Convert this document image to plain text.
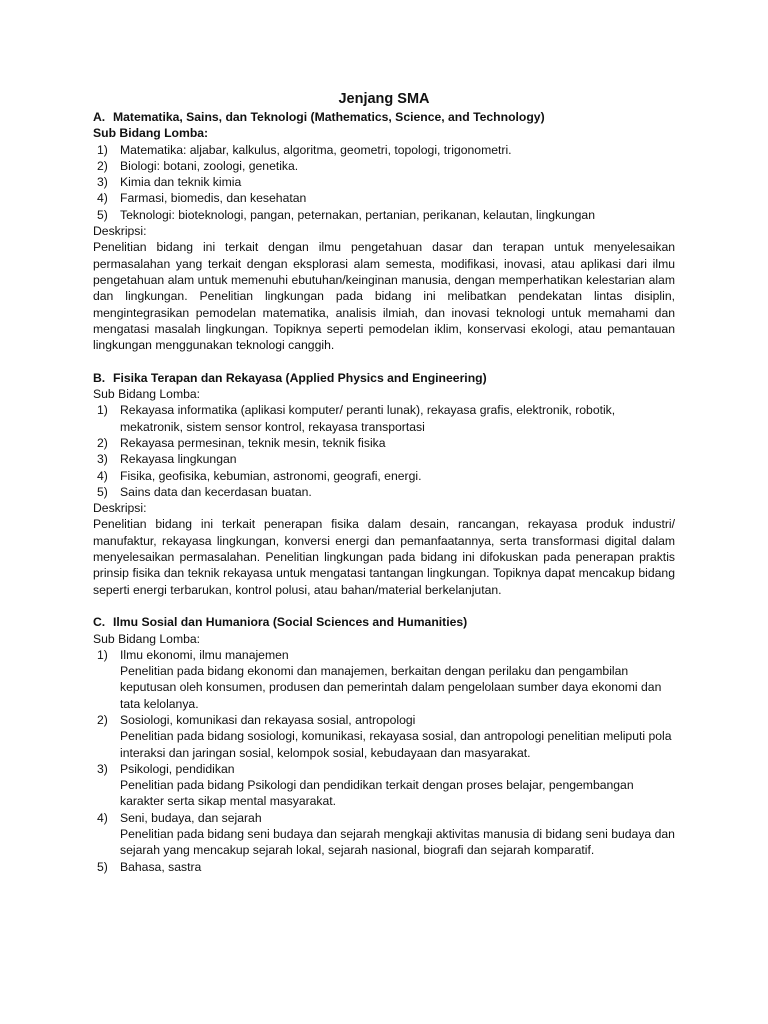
Jenjang SMA

A. Matematika, Sains, dan Teknologi (Mathematics, Science, and Technology)

Sub Bidang Lomba:

1) Matematika: aljabar, kalkulus, algoritma, geometri, topologi, trigonometri.
2) Biologi: botani, zoologi, genetika.
3) Kimia dan teknik kimia
4) Farmasi, biomedis, dan kesehatan
5) Teknologi: bioteknologi, pangan, peternakan, pertanian, perikanan, kelautan, lingkungan

Deskripsi:

Penelitian bidang ini terkait dengan ilmu pengetahuan dasar dan terapan untuk menyelesaikan permasalahan yang terkait dengan eksplorasi alam semesta, modifikasi, inovasi, atau aplikasi dari ilmu pengetahuan alam untuk memenuhi ebutuhan/keinginan manusia, dengan memperhatikan kelestarian alam dan lingkungan. Penelitian lingkungan pada bidang ini melibatkan pendekatan lintas disiplin, mengintegrasikan pemodelan matematika, analisis ilmiah, dan inovasi teknologi untuk memahami dan mengatasi masalah lingkungan. Topiknya seperti pemodelan iklim, konservasi ekologi, atau pemantauan lingkungan menggunakan teknologi canggih.

B. Fisika Terapan dan Rekayasa (Applied Physics and Engineering)

Sub Bidang Lomba:

1) Rekayasa informatika (aplikasi komputer/ peranti lunak), rekayasa grafis, elektronik, robotik, mekatronik, sistem sensor kontrol, rekayasa transportasi
2) Rekayasa permesinan, teknik mesin, teknik fisika
3) Rekayasa lingkungan
4) Fisika, geofisika, kebumian, astronomi, geografi, energi.
5) Sains data dan kecerdasan buatan.

Deskripsi:

Penelitian bidang ini terkait penerapan fisika dalam desain, rancangan, rekayasa produk industri/ manufaktur, rekayasa lingkungan, konversi energi dan pemanfaatannya, serta transformasi digital dalam menyelesaikan permasalahan. Penelitian lingkungan pada bidang ini difokuskan pada penerapan praktis prinsip fisika dan teknik rekayasa untuk mengatasi tantangan lingkungan. Topiknya dapat mencakup bidang seperti energi terbarukan, kontrol polusi, atau bahan/material berkelanjutan.

C. Ilmu Sosial dan Humaniora (Social Sciences and Humanities)

Sub Bidang Lomba:

1) Ilmu ekonomi, ilmu manajemen
Penelitian pada bidang ekonomi dan manajemen, berkaitan dengan perilaku dan pengambilan keputusan oleh konsumen, produsen dan pemerintah dalam pengelolaan sumber daya ekonomi dan tata kelolanya.
2) Sosiologi, komunikasi dan rekayasa sosial, antropologi
Penelitian pada bidang sosiologi, komunikasi, rekayasa sosial, dan antropologi penelitian meliputi pola interaksi dan jaringan sosial, kelompok sosial, kebudayaan dan masyarakat.
3) Psikologi, pendidikan
Penelitian pada bidang Psikologi dan pendidikan terkait dengan proses belajar, pengembangan karakter serta sikap mental masyarakat.
4) Seni, budaya, dan sejarah
Penelitian pada bidang seni budaya dan sejarah mengkaji aktivitas manusia di bidang seni budaya dan sejarah yang mencakup sejarah lokal, sejarah nasional, biografi dan sejarah komparatif.
5) Bahasa, sastra
